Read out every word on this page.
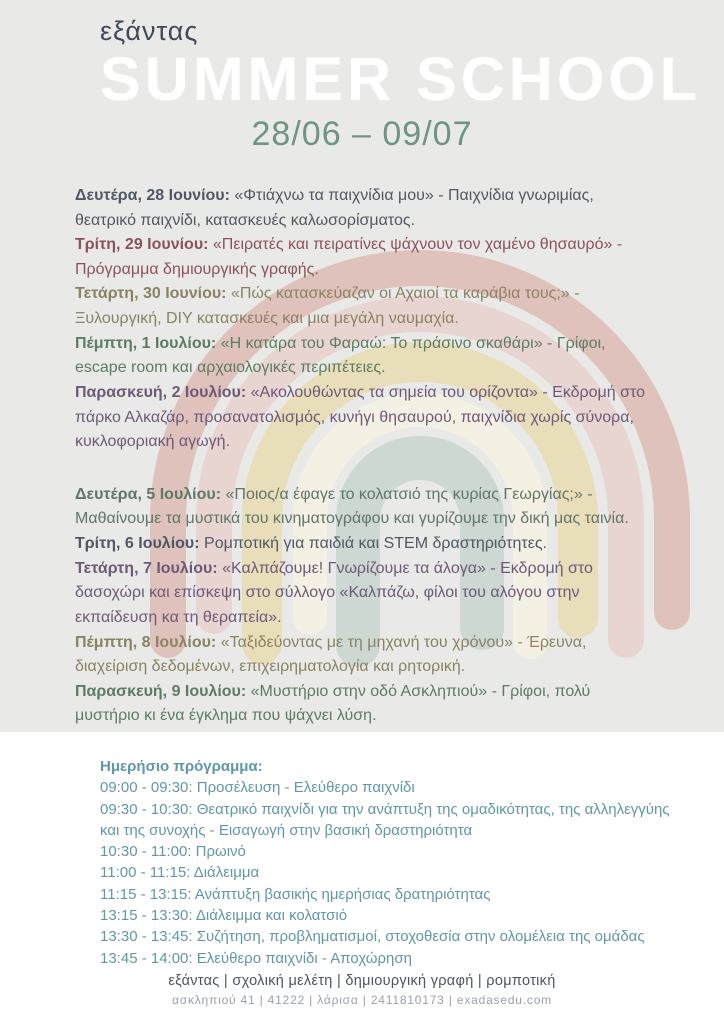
εξάντας
SUMMER SCHOOL
28/06 – 09/07

Δευτέρα, 28 Ιουνίου: «Φτιάχνω τα παιχνίδια μου» - Παιχνίδια γνωριμίας, θεατρικό παιχνίδι, κατασκευές καλωσορίσματος.

Τρίτη, 29 Ιουνίου: «Πειρατές και πειρατίνες ψάχνουν τον χαμένο θησαυρό» - Πρόγραμμα δημιουργικής γραφής.

Τετάρτη, 30 Ιουνίου: «Πώς κατασκεύαζαν οι Αχαιοί τα καράβια τους;» - Ξυλουργική, DIY κατασκευές και μια μεγάλη ναυμαχία.

Πέμπτη, 1 Ιουλίου: «Η κατάρα του Φαραώ: Το πράσινο σκαθάρι» - Γρίφοι, escape room και αρχαιολογικές περιπέτειες.

Παρασκευή, 2 Ιουλίου: «Ακολουθώντας τα σημεία του ορίζοντα» - Εκδρομή στο πάρκο Αλκαζάρ, προσανατολισμός, κυνήγι θησαυρού, παιχνίδια χωρίς σύνορα, κυκλοφοριακή αγωγή.

Δευτέρα, 5 Ιουλίου: «Ποιος/α έφαγε το κολατσιό της κυρίας Γεωργίας;» - Μαθαίνουμε τα μυστικά του κινηματογράφου και γυρίζουμε την δική μας ταινία.

Τρίτη, 6 Ιουλίου: Ρομποτική για παιδιά και STEM δραστηριότητες.

Τετάρτη, 7 Ιουλίου: «Καλπάζουμε! Γνωρίζουμε τα άλογα» - Εκδρομή στο δασοχώρι και επίσκεψη στο σύλλογο «Καλπάζω, φίλοι του αλόγου στην εκπαίδευση κα τη θεραπεία».

Πέμπτη, 8 Ιουλίου: «Ταξιδεύοντας με τη μηχανή του χρόνου» - Έρευνα, διαχείριση δεδομένων, επιχειρηματολογία και ρητορική.

Παρασκευή, 9 Ιουλίου: «Μυστήριο στην οδό Ασκληπιού» - Γρίφοι, πολύ μυστήριο κι ένα έγκλημα που ψάχνει λύση.

Ημερήσιο πρόγραμμα:
09:00 - 09:30: Προσέλευση - Ελεύθερο παιχνίδι
09:30 - 10:30: Θεατρικό παιχνίδι για την ανάπτυξη της ομαδικότητας, της αλληλεγγύης και της συνοχής - Εισαγωγή στην βασική δραστηριότητα
10:30 - 11:00: Πρωινό
11:00 - 11:15: Διάλειμμα
11:15 - 13:15: Ανάπτυξη βασικής ημερήσιας δρατηριότητας
13:15 - 13:30: Διάλειμμα και κολατσιό
13:30 - 13:45: Συζήτηση, προβληματισμοί, στοχοθεσία στην ολομέλεια της ομάδας
13:45 - 14:00: Ελεύθερο παιχνίδι - Αποχώρηση
εξάντας | σχολική μελέτη | δημιουργική γραφή | ρομποτική
ασκληπιού 41 | 41222 | λάρισα | 2411810173 | exadasedu.com
